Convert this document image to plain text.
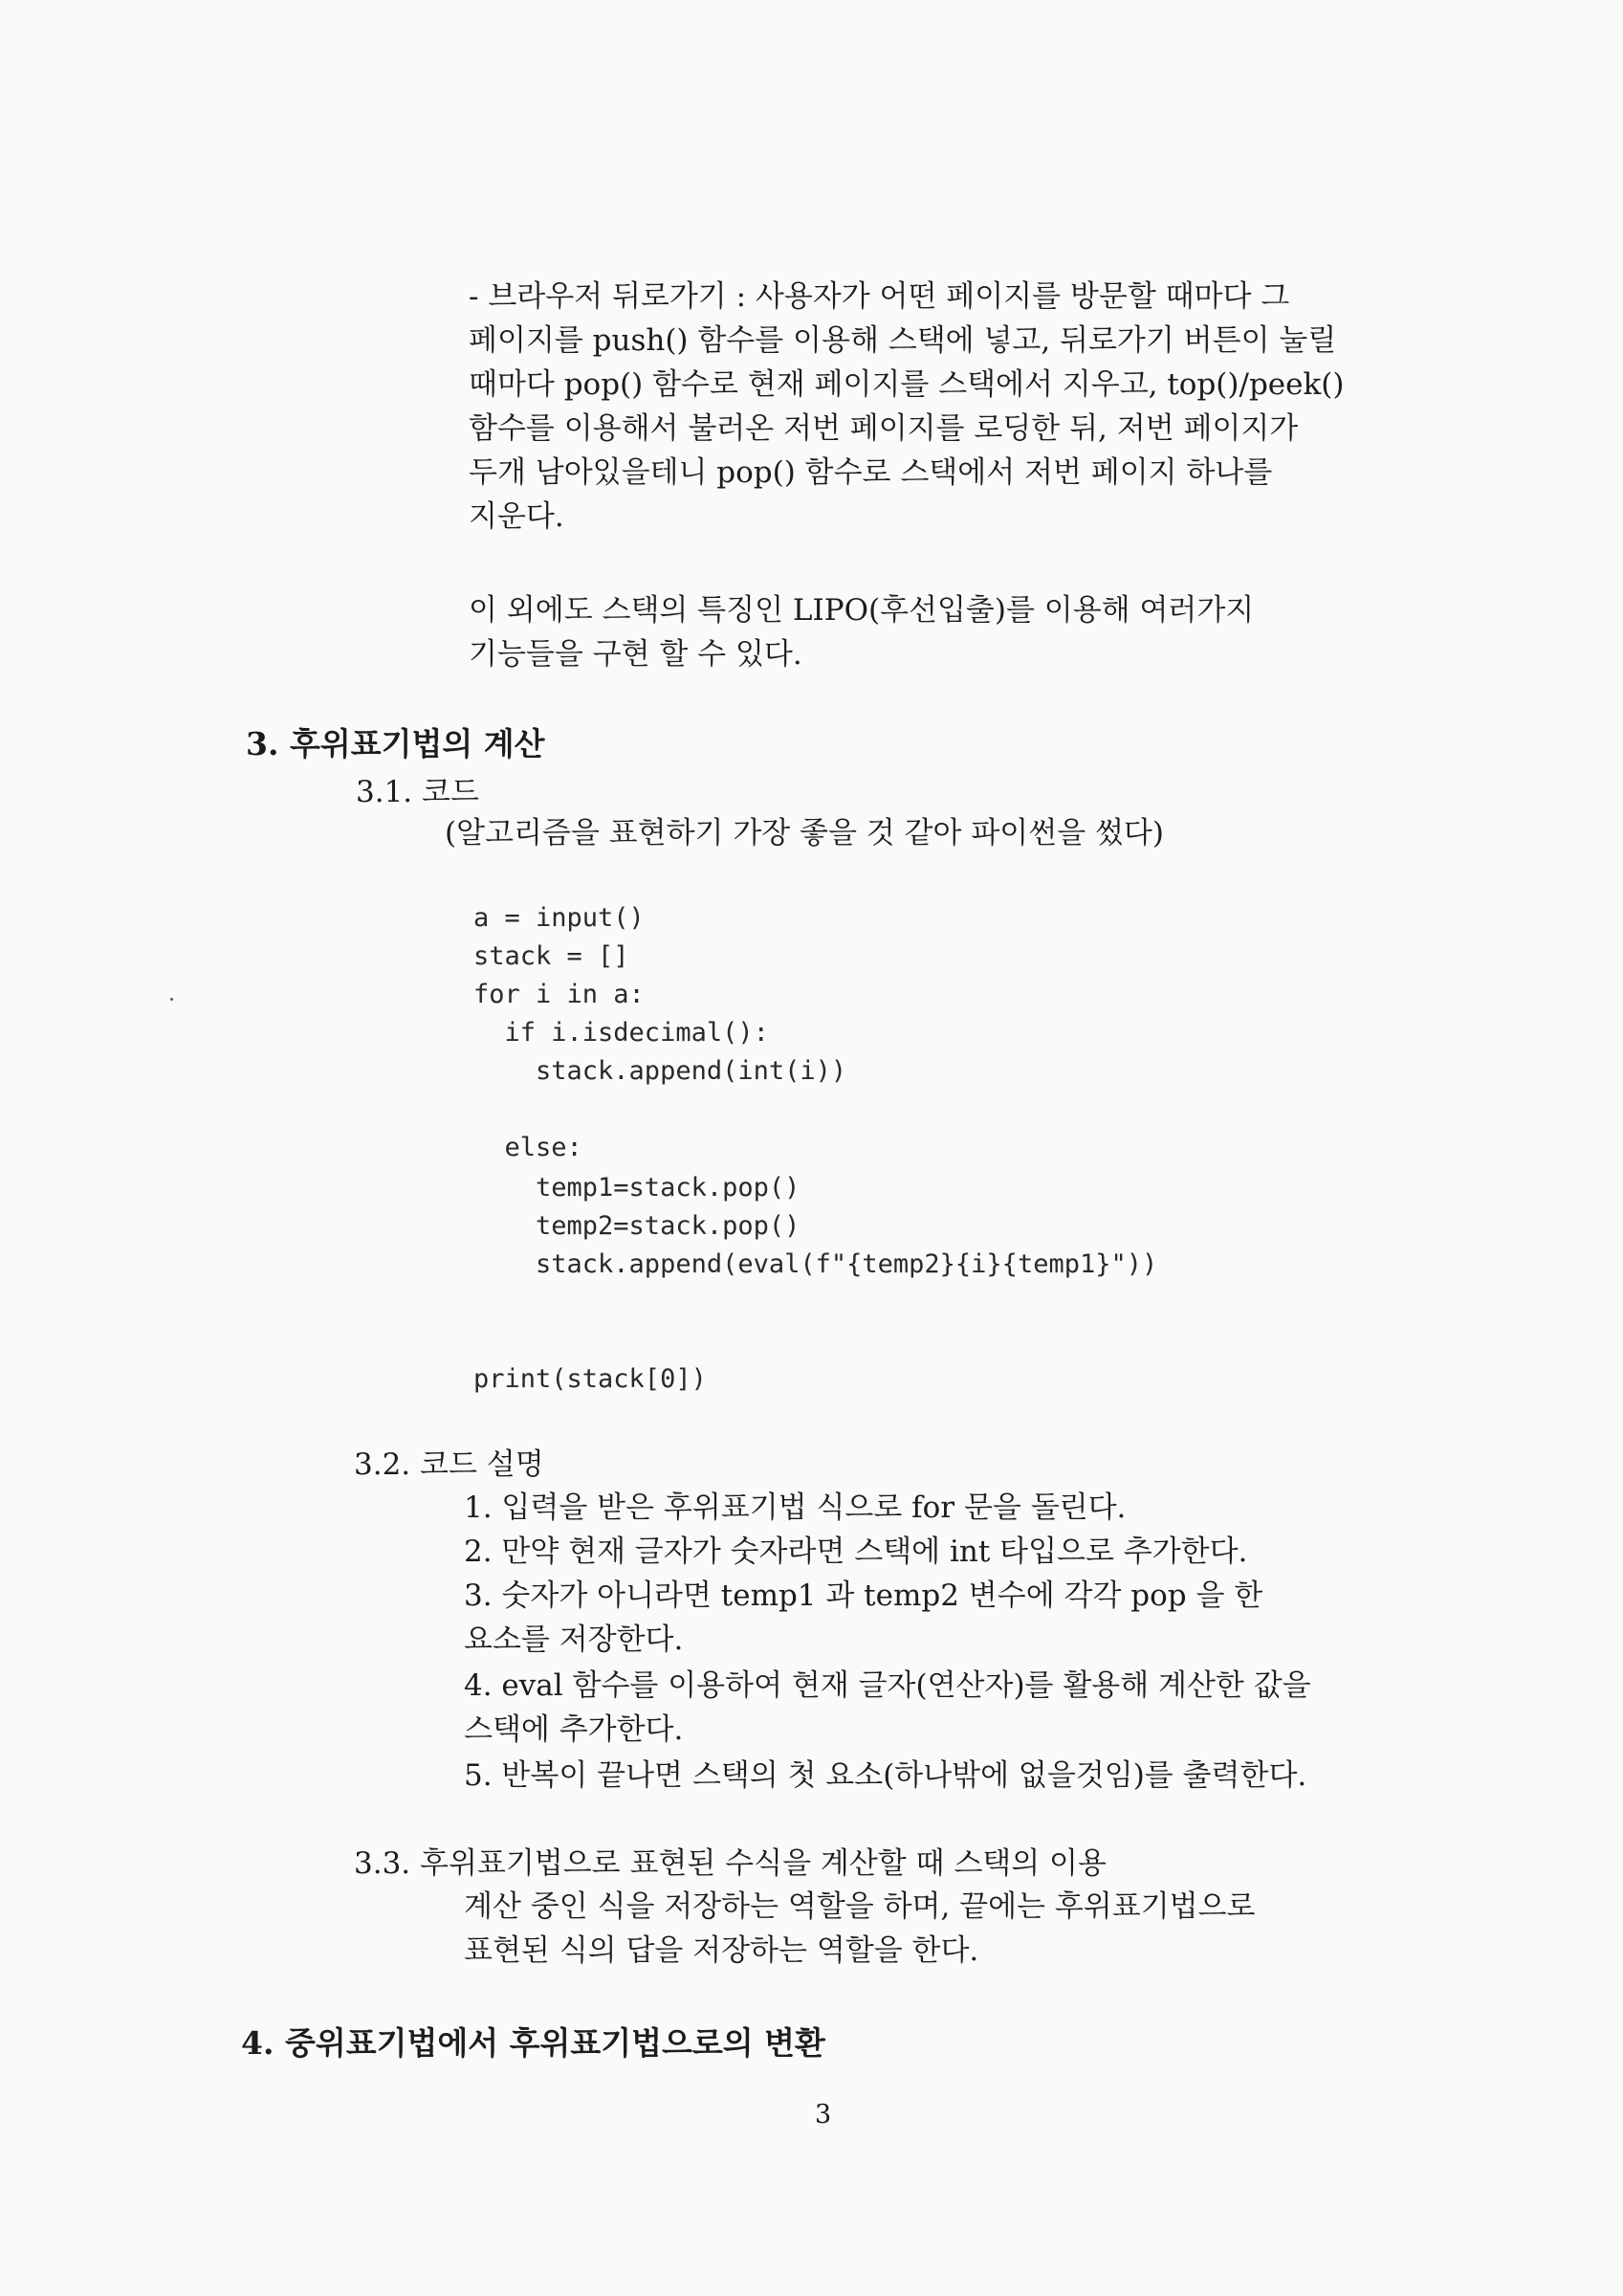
- 브라우저 뒤로가기 : 사용자가 어떤 페이지를 방문할 때마다 그
페이지를 push() 함수를 이용해 스택에 넣고, 뒤로가기 버튼이 눌릴
때마다 pop() 함수로 현재 페이지를 스택에서 지우고, top()/peek()
함수를 이용해서 불러온 저번 페이지를 로딩한 뒤, 저번 페이지가
두개 남아있을테니 pop() 함수로 스택에서 저번 페이지 하나를
지운다.
이 외에도 스택의 특징인 LIPO(후선입출)를 이용해 여러가지
기능들을 구현 할 수 있다.
3. 후위표기법의 계산
3.1. 코드
(알고리즘을 표현하기 가장 좋을 것 같아 파이썬을 썼다)
a = input()
stack = []
for i in a:
if i.isdecimal():
stack.append(int(i))
else:
temp1=stack.pop()
temp2=stack.pop()
stack.append(eval(f"{temp2}{i}{temp1}"))
print(stack[0])
3.2. 코드 설명
1. 입력을 받은 후위표기법 식으로 for 문을 돌린다.
2. 만약 현재 글자가 숫자라면 스택에 int 타입으로 추가한다.
3. 숫자가 아니라면 temp1 과 temp2 변수에 각각 pop 을 한
요소를 저장한다.
4. eval 함수를 이용하여 현재 글자(연산자)를 활용해 계산한 값을
스택에 추가한다.
5. 반복이 끝나면 스택의 첫 요소(하나밖에 없을것임)를 출력한다.
3.3. 후위표기법으로 표현된 수식을 계산할 때 스택의 이용
계산 중인 식을 저장하는 역할을 하며, 끝에는 후위표기법으로
표현된 식의 답을 저장하는 역할을 한다.
4. 중위표기법에서 후위표기법으로의 변환
3
